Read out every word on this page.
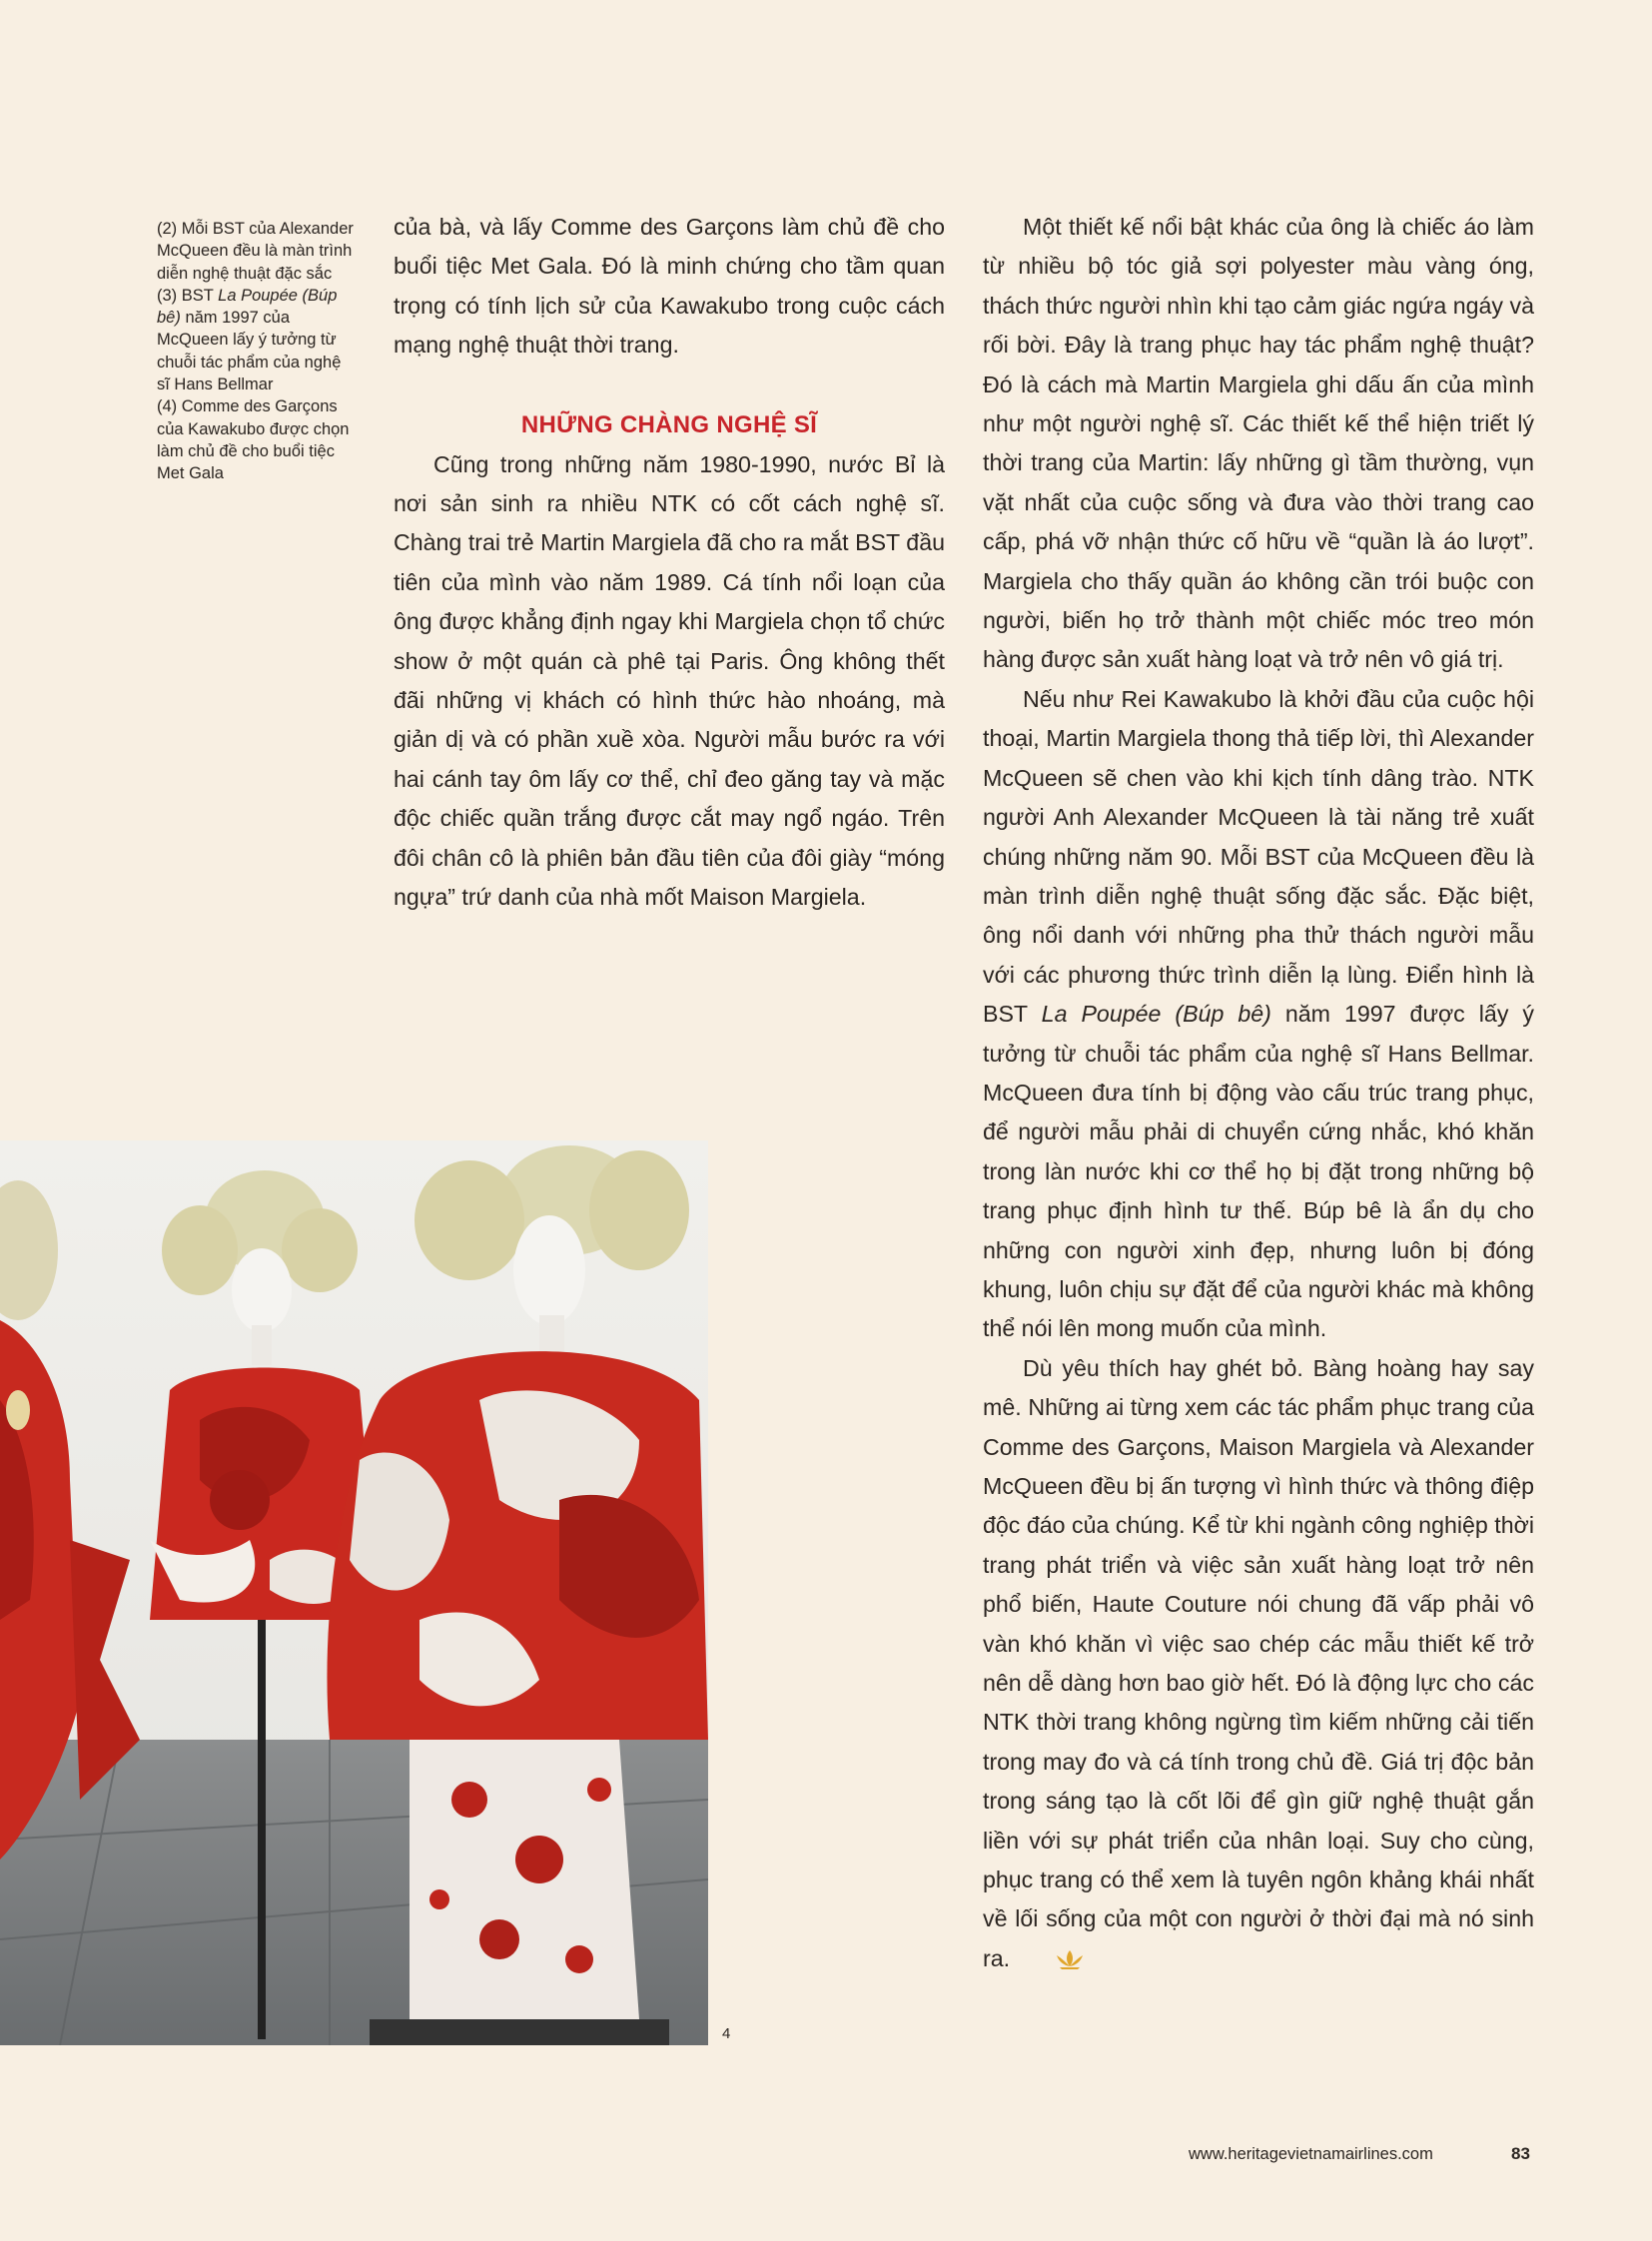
(2) Mỗi BST của Alexander McQueen đều là màn trình diễn nghệ thuật đặc sắc

(3) BST La Poupée (Búp bê) năm 1997 của McQueen lấy ý tưởng từ chuỗi tác phẩm của nghệ sĩ Hans Bellmar

(4) Comme des Garçons của Kawakubo được chọn làm chủ đề cho buổi tiệc Met Gala

của bà, và lấy Comme des Garçons làm chủ đề cho buổi tiệc Met Gala. Đó là minh chứng cho tầm quan trọng có tính lịch sử của Kawakubo trong cuộc cách mạng nghệ thuật thời trang.

NHỮNG CHÀNG NGHỆ SĨ

Cũng trong những năm 1980-1990, nước Bỉ là nơi sản sinh ra nhiều NTK có cốt cách nghệ sĩ. Chàng trai trẻ Martin Margiela đã cho ra mắt BST đầu tiên của mình vào năm 1989. Cá tính nổi loạn của ông được khẳng định ngay khi Margiela chọn tổ chức show ở một quán cà phê tại Paris. Ông không thết đãi những vị khách có hình thức hào nhoáng, mà giản dị và có phần xuề xòa. Người mẫu bước ra với hai cánh tay ôm lấy cơ thể, chỉ đeo găng tay và mặc độc chiếc quần trắng được cắt may ngổ ngáo. Trên đôi chân cô là phiên bản đầu tiên của đôi giày “móng ngựa” trứ danh của nhà mốt Maison Margiela.

Một thiết kế nổi bật khác của ông là chiếc áo làm từ nhiều bộ tóc giả sợi polyester màu vàng óng, thách thức người nhìn khi tạo cảm giác ngứa ngáy và rối bời. Đây là trang phục hay tác phẩm nghệ thuật? Đó là cách mà Martin Margiela ghi dấu ấn của mình như một người nghệ sĩ. Các thiết kế thể hiện triết lý thời trang của Martin: lấy những gì tầm thường, vụn vặt nhất của cuộc sống và đưa vào thời trang cao cấp, phá vỡ nhận thức cố hữu về “quần là áo lượt”. Margiela cho thấy quần áo không cần trói buộc con người, biến họ trở thành một chiếc móc treo món hàng được sản xuất hàng loạt và trở nên vô giá trị.

Nếu như Rei Kawakubo là khởi đầu của cuộc hội thoại, Martin Margiela thong thả tiếp lời, thì Alexander McQueen sẽ chen vào khi kịch tính dâng trào. NTK người Anh Alexander McQueen là tài năng trẻ xuất chúng những năm 90. Mỗi BST của McQueen đều là màn trình diễn nghệ thuật sống đặc sắc. Đặc biệt, ông nổi danh với những pha thử thách người mẫu với các phương thức trình diễn lạ lùng. Điển hình là BST La Poupée (Búp bê) năm 1997 được lấy ý tưởng từ chuỗi tác phẩm của nghệ sĩ Hans Bellmar. McQueen đưa tính bị động vào cấu trúc trang phục, để người mẫu phải di chuyển cứng nhắc, khó khăn trong làn nước khi cơ thể họ bị đặt trong những bộ trang phục định hình tư thế. Búp bê là ẩn dụ cho những con người xinh đẹp, nhưng luôn bị đóng khung, luôn chịu sự đặt để của người khác mà không thể nói lên mong muốn của mình.

Dù yêu thích hay ghét bỏ. Bàng hoàng hay say mê. Những ai từng xem các tác phẩm phục trang của Comme des Garçons, Maison Margiela và Alexander McQueen đều bị ấn tượng vì hình thức và thông điệp độc đáo của chúng. Kể từ khi ngành công nghiệp thời trang phát triển và việc sản xuất hàng loạt trở nên phổ biến, Haute Couture nói chung đã vấp phải vô vàn khó khăn vì việc sao chép các mẫu thiết kế trở nên dễ dàng hơn bao giờ hết. Đó là động lực cho các NTK thời trang không ngừng tìm kiếm những cải tiến trong may đo và cá tính trong chủ đề. Giá trị độc bản trong sáng tạo là cốt lõi để gìn giữ nghệ thuật gắn liền với sự phát triển của nhân loại. Suy cho cùng, phục trang có thể xem là tuyên ngôn khảng khái nhất về lối sống của một con người ở thời đại mà nó sinh ra.

4
www.heritagevietnamairlines.com	83
